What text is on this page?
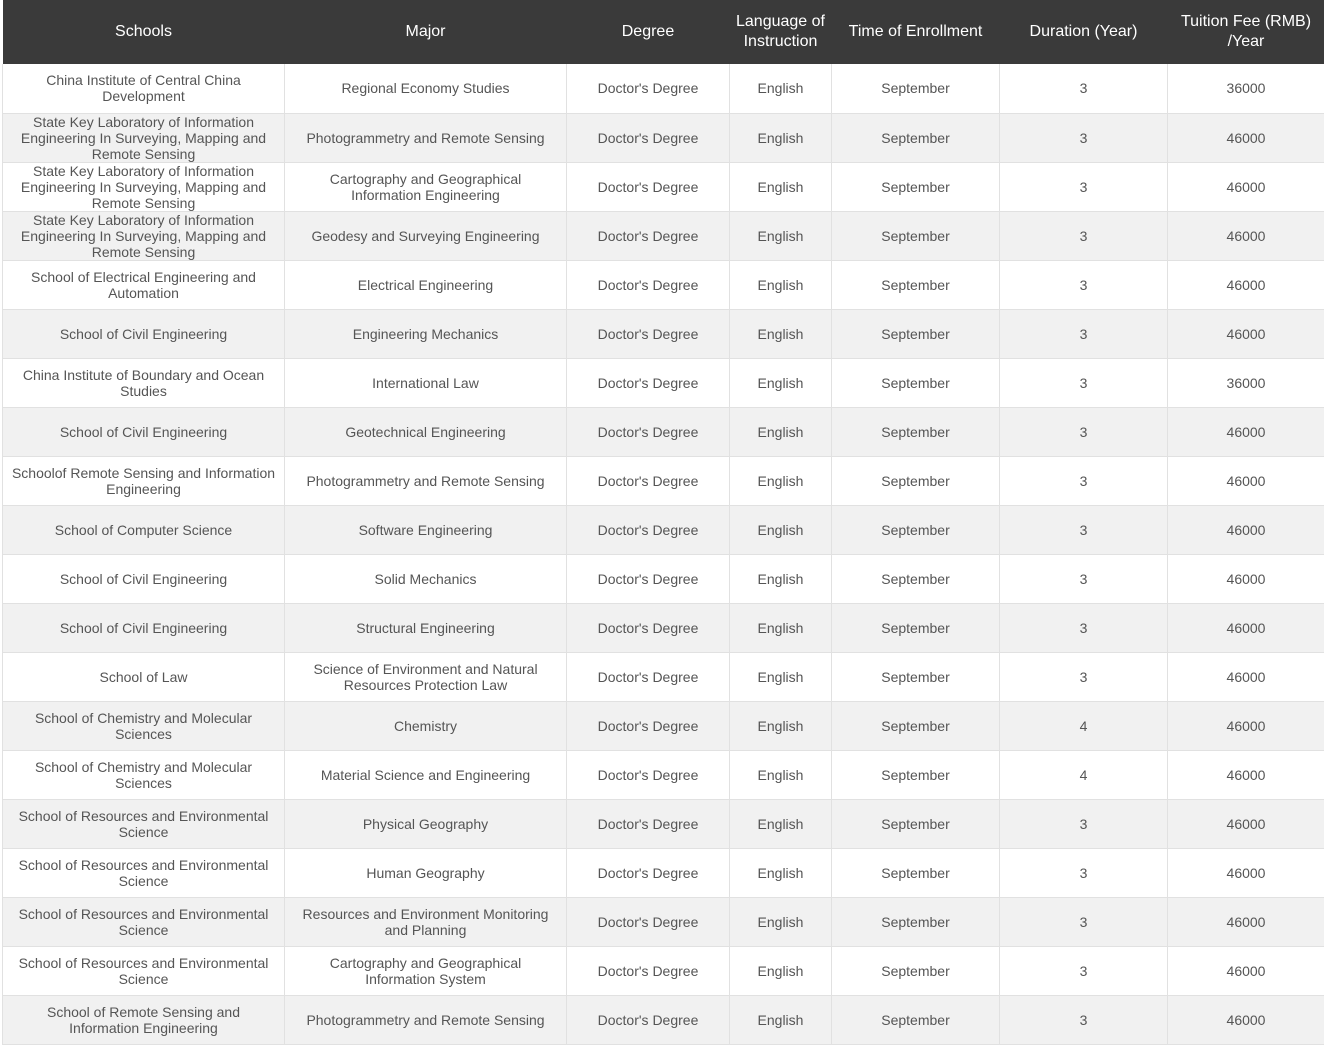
Schools	Major	Degree	Language of Instruction	Time of Enrollment	Duration (Year)	Tuition Fee (RMB) /Year
China Institute of Central China Development	Regional Economy Studies	Doctor's Degree	English	September	3	36000
State Key Laboratory of Information Engineering In Surveying, Mapping and Remote Sensing	Photogrammetry and Remote Sensing	Doctor's Degree	English	September	3	46000
State Key Laboratory of Information Engineering In Surveying, Mapping and Remote Sensing	Cartography and Geographical Information Engineering	Doctor's Degree	English	September	3	46000
State Key Laboratory of Information Engineering In Surveying, Mapping and Remote Sensing	Geodesy and Surveying Engineering	Doctor's Degree	English	September	3	46000
School of Electrical Engineering and Automation	Electrical Engineering	Doctor's Degree	English	September	3	46000
School of Civil Engineering	Engineering Mechanics	Doctor's Degree	English	September	3	46000
China Institute of Boundary and Ocean Studies	International Law	Doctor's Degree	English	September	3	36000
School of Civil Engineering	Geotechnical Engineering	Doctor's Degree	English	September	3	46000
Schoolof Remote Sensing and Information Engineering	Photogrammetry and Remote Sensing	Doctor's Degree	English	September	3	46000
School of Computer Science	Software Engineering	Doctor's Degree	English	September	3	46000
School of Civil Engineering	Solid Mechanics	Doctor's Degree	English	September	3	46000
School of Civil Engineering	Structural Engineering	Doctor's Degree	English	September	3	46000
School of Law	Science of Environment and Natural Resources Protection Law	Doctor's Degree	English	September	3	46000
School of Chemistry and Molecular Sciences	Chemistry	Doctor's Degree	English	September	4	46000
School of Chemistry and Molecular Sciences	Material Science and Engineering	Doctor's Degree	English	September	4	46000
School of Resources and Environmental Science	Physical Geography	Doctor's Degree	English	September	3	46000
School of Resources and Environmental Science	Human Geography	Doctor's Degree	English	September	3	46000
School of Resources and Environmental Science	Resources and Environment Monitoring and Planning	Doctor's Degree	English	September	3	46000
School of Resources and Environmental Science	Cartography and Geographical Information System	Doctor's Degree	English	September	3	46000
School of Remote Sensing and Information Engineering	Photogrammetry and Remote Sensing	Doctor's Degree	English	September	3	46000
